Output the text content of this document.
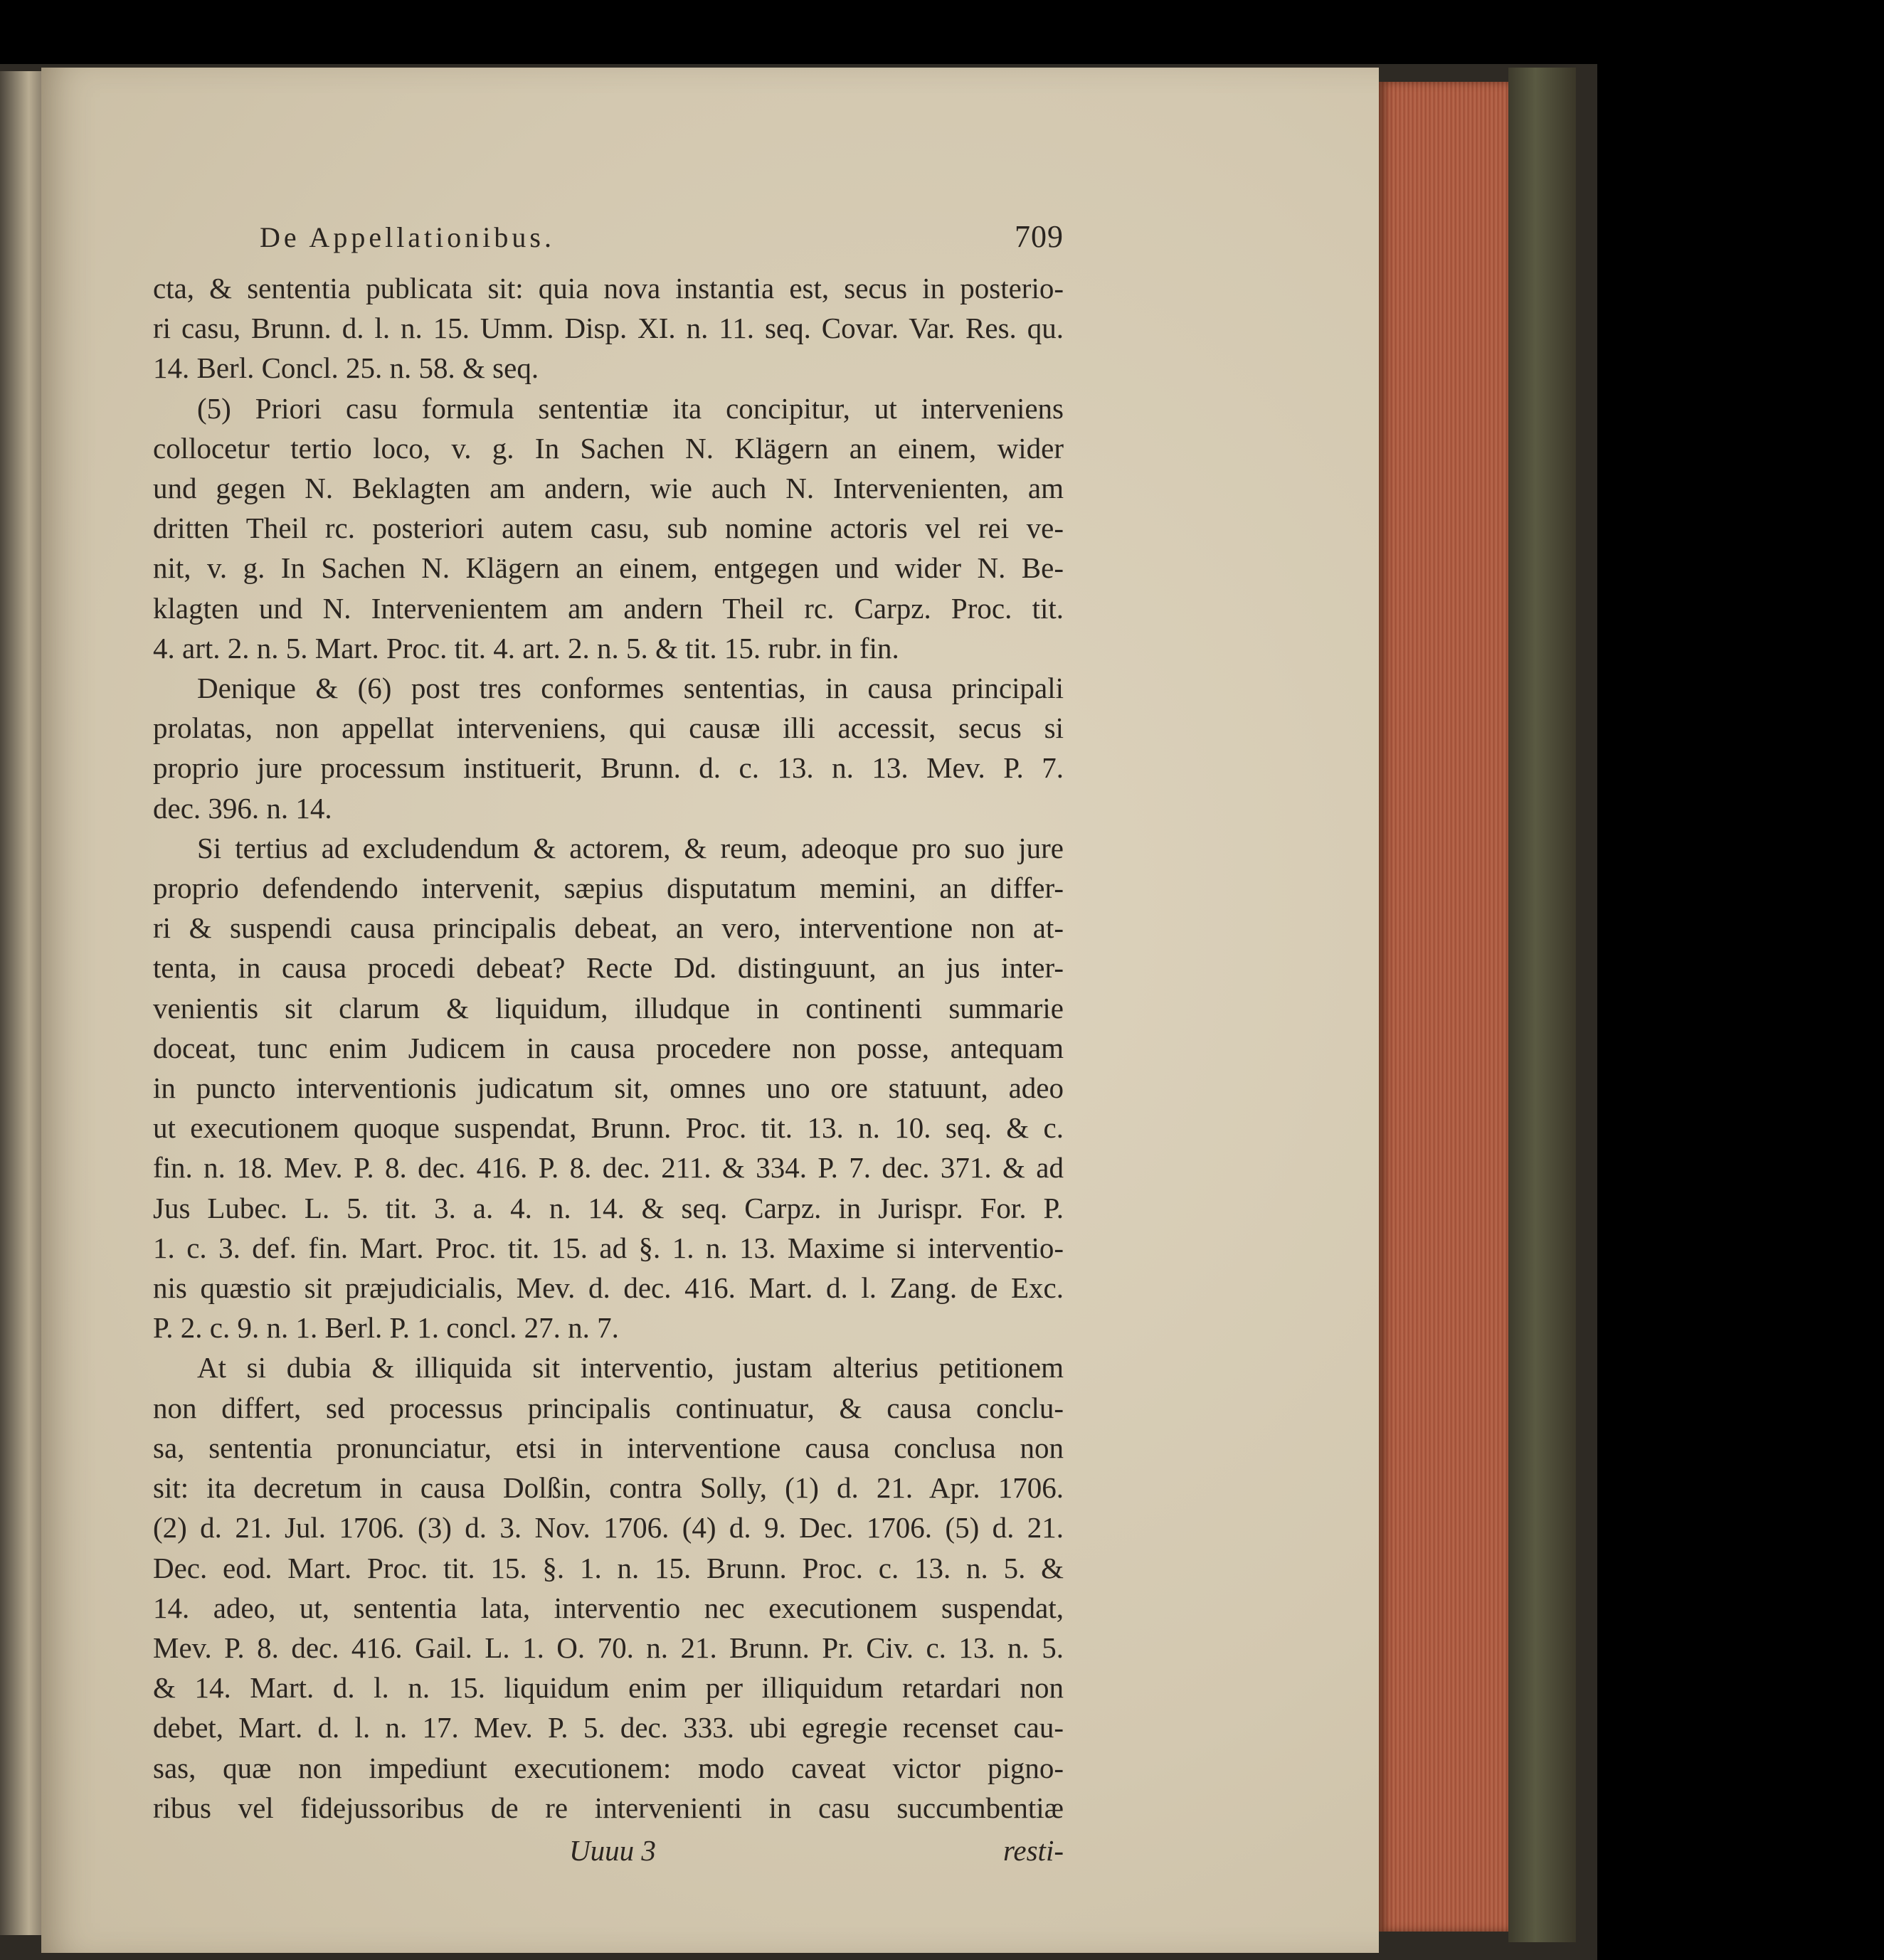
De Appellationibus.	709
cta, & sententia publicata sit: quia nova instantia est, secus in posterio-
ri casu, Brunn. d. l. n. 15. Umm. Disp. XI. n. 11. seq. Covar. Var. Res. qu.
14. Berl. Concl. 25. n. 58. & seq.
(5) Priori casu formula sententiæ ita concipitur, ut interveniens
collocetur tertio loco, v. g. In Sachen N. Klägern an einem, wider
und gegen N. Beklagten am andern, wie auch N. Intervenienten, am
dritten Theil rc. posteriori autem casu, sub nomine actoris vel rei ve-
nit, v. g. In Sachen N. Klägern an einem, entgegen und wider N. Be-
klagten und N. Intervenientem am andern Theil rc. Carpz. Proc. tit.
4. art. 2. n. 5. Mart. Proc. tit. 4. art. 2. n. 5. & tit. 15. rubr. in fin.
Denique & (6) post tres conformes sententias, in causa principali
prolatas, non appellat interveniens, qui causæ illi accessit, secus si
proprio jure processum instituerit, Brunn. d. c. 13. n. 13. Mev. P. 7.
dec. 396. n. 14.
Si tertius ad excludendum & actorem, & reum, adeoque pro suo jure
proprio defendendo intervenit, sæpius disputatum memini, an differ-
ri & suspendi causa principalis debeat, an vero, interventione non at-
tenta, in causa procedi debeat? Recte Dd. distinguunt, an jus inter-
venientis sit clarum & liquidum, illudque in continenti summarie
doceat, tunc enim Judicem in causa procedere non posse, antequam
in puncto interventionis judicatum sit, omnes uno ore statuunt, adeo
ut executionem quoque suspendat, Brunn. Proc. tit. 13. n. 10. seq. & c.
fin. n. 18. Mev. P. 8. dec. 416. P. 8. dec. 211. & 334. P. 7. dec. 371. & ad
Jus Lubec. L. 5. tit. 3. a. 4. n. 14. & seq. Carpz. in Jurispr. For. P.
1. c. 3. def. fin. Mart. Proc. tit. 15. ad §. 1. n. 13. Maxime si interventio-
nis quæstio sit præjudicialis, Mev. d. dec. 416. Mart. d. l. Zang. de Exc.
P. 2. c. 9. n. 1. Berl. P. 1. concl. 27. n. 7.
At si dubia & illiquida sit interventio, justam alterius petitionem
non differt, sed processus principalis continuatur, & causa conclu-
sa, sententia pronunciatur, etsi in interventione causa conclusa non
sit: ita decretum in causa Dolßin, contra Solly, (1) d. 21. Apr. 1706.
(2) d. 21. Jul. 1706. (3) d. 3. Nov. 1706. (4) d. 9. Dec. 1706. (5) d. 21.
Dec. eod. Mart. Proc. tit. 15. §. 1. n. 15. Brunn. Proc. c. 13. n. 5. &
14. adeo, ut, sententia lata, interventio nec executionem suspendat,
Mev. P. 8. dec. 416. Gail. L. 1. O. 70. n. 21. Brunn. Pr. Civ. c. 13. n. 5.
& 14. Mart. d. l. n. 15. liquidum enim per illiquidum retardari non
debet, Mart. d. l. n. 17. Mev. P. 5. dec. 333. ubi egregie recenset cau-
sas, quæ non impediunt executionem: modo caveat victor pigno-
ribus vel fidejussoribus de re intervenienti in casu succumbentiæ
Uuuu 3	resti-
